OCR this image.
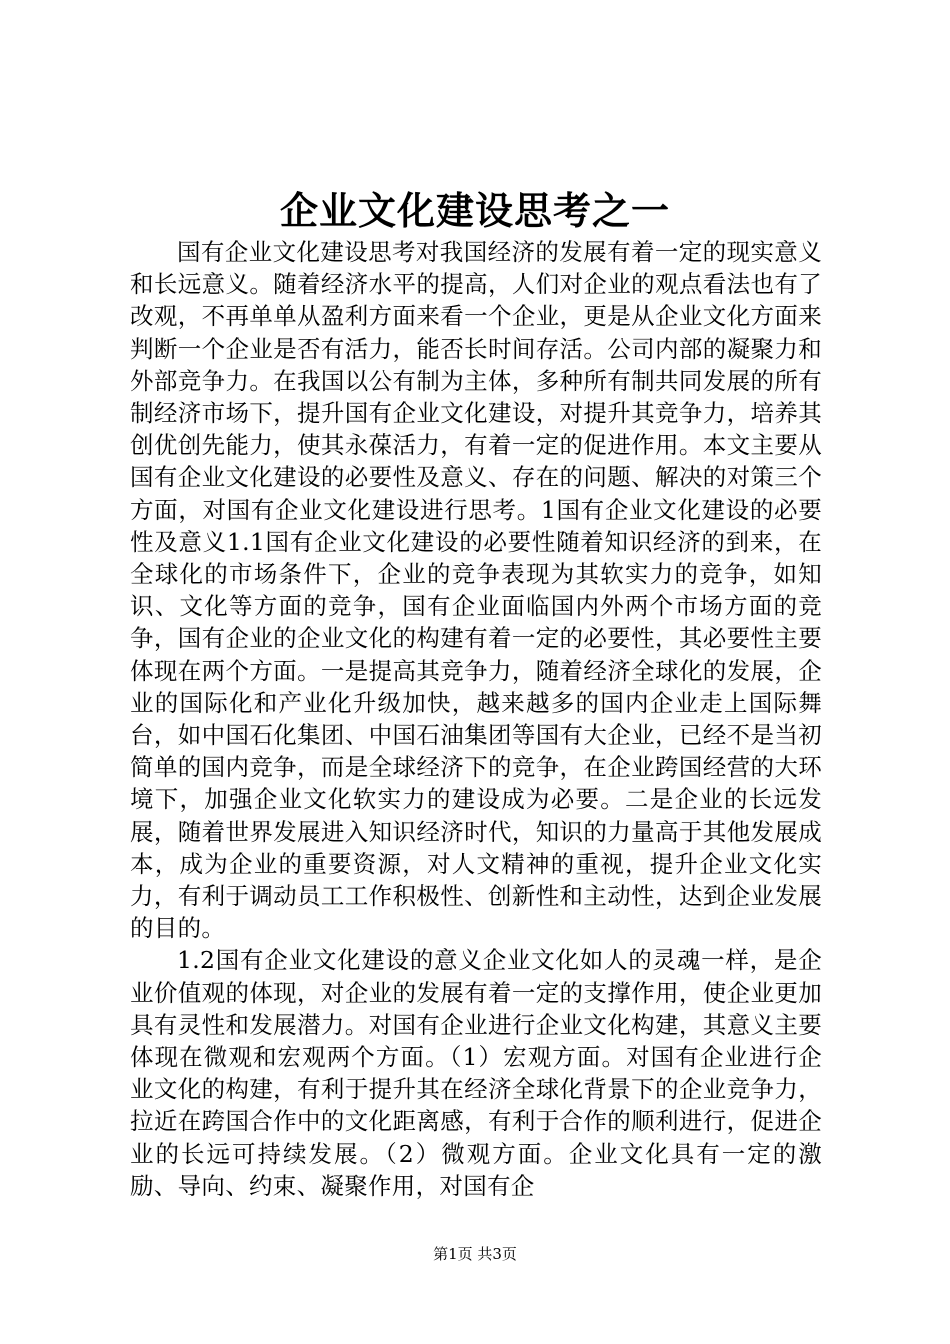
企业文化建设思考之一

国有企业文化建设思考对我国经济的发展有着一定的现实意义和长远意义。随着经济水平的提高，人们对企业的观点看法也有了改观，不再单单从盈利方面来看一个企业，更是从企业文化方面来判断一个企业是否有活力，能否长时间存活。公司内部的凝聚力和外部竞争力。在我国以公有制为主体，多种所有制共同发展的所有制经济市场下，提升国有企业文化建设，对提升其竞争力，培养其创优创先能力，使其永葆活力，有着一定的促进作用。本文主要从国有企业文化建设的必要性及意义、存在的问题、解决的对策三个方面，对国有企业文化建设进行思考。1国有企业文化建设的必要性及意义1.1国有企业文化建设的必要性随着知识经济的到来，在全球化的市场条件下，企业的竞争表现为其软实力的竞争，如知识、文化等方面的竞争，国有企业面临国内外两个市场方面的竞争，国有企业的企业文化的构建有着一定的必要性，其必要性主要体现在两个方面。一是提高其竞争力，随着经济全球化的发展，企业的国际化和产业化升级加快，越来越多的国内企业走上国际舞台，如中国石化集团、中国石油集团等国有大企业，已经不是当初简单的国内竞争，而是全球经济下的竞争，在企业跨国经营的大环境下，加强企业文化软实力的建设成为必要。二是企业的长远发展，随着世界发展进入知识经济时代，知识的力量高于其他发展成本，成为企业的重要资源，对人文精神的重视，提升企业文化实力，有利于调动员工工作积极性、创新性和主动性，达到企业发展的目的。

1.2国有企业文化建设的意义企业文化如人的灵魂一样，是企业价值观的体现，对企业的发展有着一定的支撑作用，使企业更加具有灵性和发展潜力。对国有企业进行企业文化构建，其意义主要体现在微观和宏观两个方面。（1）宏观方面。对国有企业进行企业文化的构建，有利于提升其在经济全球化背景下的企业竞争力，拉近在跨国合作中的文化距离感，有利于合作的顺利进行，促进企业的长远可持续发展。（2）微观方面。企业文化具有一定的激励、导向、约束、凝聚作用，对国有企

第1页 共3页
